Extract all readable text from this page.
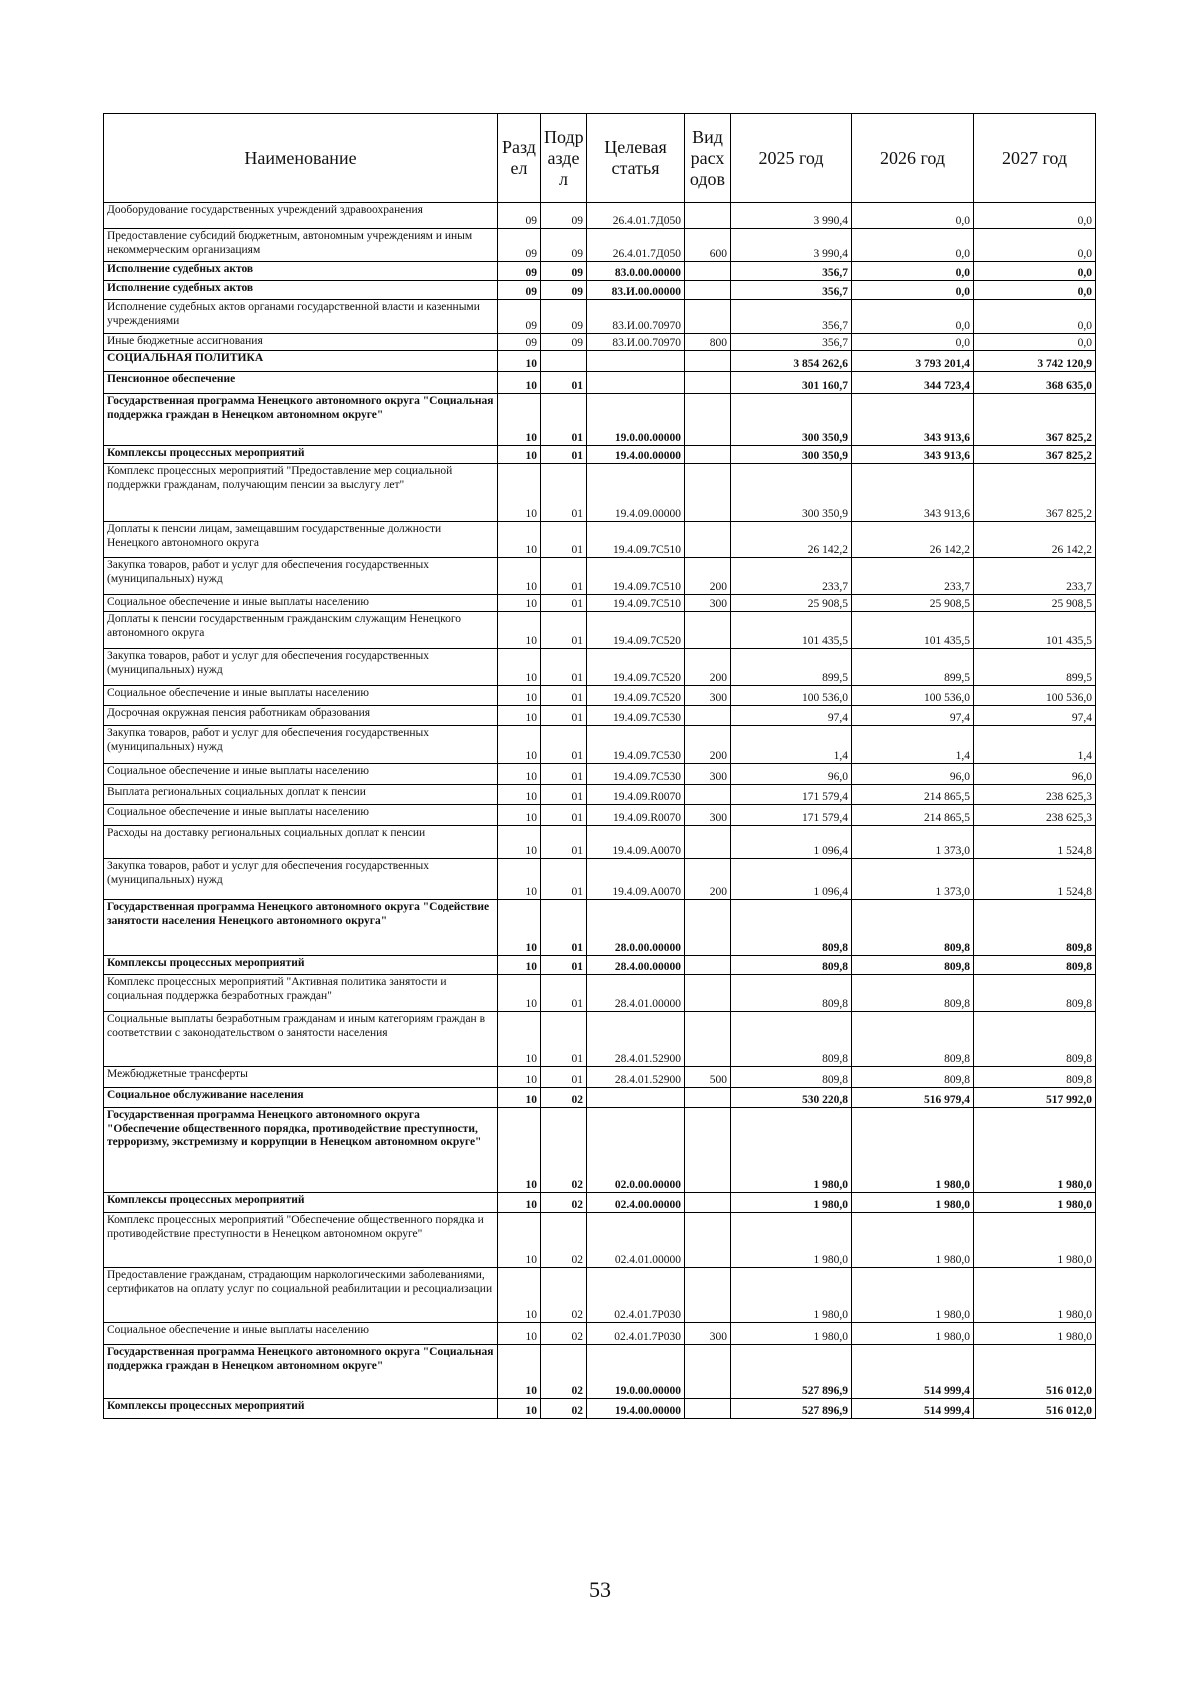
Наименование	Разд ел	Подр азде л	Целевая статья	Вид расх одов	2025 год	2026 год	2027 год
Дооборудование государственных учреждений здравоохранения	09	09	26.4.01.7Д050		3 990,4	0,0	0,0
Предоставление субсидий бюджетным, автономным учреждениям и иным некоммерческим организациям	09	09	26.4.01.7Д050	600	3 990,4	0,0	0,0
Исполнение судебных актов	09	09	83.0.00.00000		356,7	0,0	0,0
Исполнение судебных актов	09	09	83.И.00.00000		356,7	0,0	0,0
Исполнение судебных актов органами государственной власти и казенными учреждениями	09	09	83.И.00.70970		356,7	0,0	0,0
Иные бюджетные ассигнования	09	09	83.И.00.70970	800	356,7	0,0	0,0
СОЦИАЛЬНАЯ ПОЛИТИКА	10				3 854 262,6	3 793 201,4	3 742 120,9
Пенсионное обеспечение	10	01			301 160,7	344 723,4	368 635,0
Государственная программа Ненецкого автономного округа "Социальная поддержка граждан в Ненецком автономном округе"	10	01	19.0.00.00000		300 350,9	343 913,6	367 825,2
Комплексы процессных мероприятий	10	01	19.4.00.00000		300 350,9	343 913,6	367 825,2
Комплекс процессных мероприятий "Предоставление мер социальной поддержки гражданам, получающим пенсии за выслугу лет"	10	01	19.4.09.00000		300 350,9	343 913,6	367 825,2
Доплаты к пенсии лицам, замещавшим государственные должности Ненецкого автономного округа	10	01	19.4.09.7С510		26 142,2	26 142,2	26 142,2
Закупка товаров, работ и услуг для обеспечения государственных (муниципальных) нужд	10	01	19.4.09.7С510	200	233,7	233,7	233,7
Социальное обеспечение и иные выплаты населению	10	01	19.4.09.7С510	300	25 908,5	25 908,5	25 908,5
Доплаты к пенсии государственным гражданским служащим Ненецкого автономного округа	10	01	19.4.09.7С520		101 435,5	101 435,5	101 435,5
Закупка товаров, работ и услуг для обеспечения государственных (муниципальных) нужд	10	01	19.4.09.7С520	200	899,5	899,5	899,5
Социальное обеспечение и иные выплаты населению	10	01	19.4.09.7С520	300	100 536,0	100 536,0	100 536,0
Досрочная окружная пенсия работникам образования	10	01	19.4.09.7С530		97,4	97,4	97,4
Закупка товаров, работ и услуг для обеспечения государственных (муниципальных) нужд	10	01	19.4.09.7С530	200	1,4	1,4	1,4
Социальное обеспечение и иные выплаты населению	10	01	19.4.09.7С530	300	96,0	96,0	96,0
Выплата региональных социальных доплат к пенсии	10	01	19.4.09.R0070		171 579,4	214 865,5	238 625,3
Социальное обеспечение и иные выплаты населению	10	01	19.4.09.R0070	300	171 579,4	214 865,5	238 625,3
Расходы на доставку региональных социальных доплат к пенсии	10	01	19.4.09.А0070		1 096,4	1 373,0	1 524,8
Закупка товаров, работ и услуг для обеспечения государственных (муниципальных) нужд	10	01	19.4.09.А0070	200	1 096,4	1 373,0	1 524,8
Государственная программа Ненецкого автономного округа "Содействие занятости населения Ненецкого автономного округа"	10	01	28.0.00.00000		809,8	809,8	809,8
Комплексы процессных мероприятий	10	01	28.4.00.00000		809,8	809,8	809,8
Комплекс процессных мероприятий "Активная политика занятости и социальная поддержка безработных граждан"	10	01	28.4.01.00000		809,8	809,8	809,8
Социальные выплаты безработным гражданам и иным категориям граждан в соответствии с законодательством о занятости населения	10	01	28.4.01.52900		809,8	809,8	809,8
Межбюджетные трансферты	10	01	28.4.01.52900	500	809,8	809,8	809,8
Социальное обслуживание населения	10	02			530 220,8	516 979,4	517 992,0
Государственная программа Ненецкого автономного округа "Обеспечение общественного порядка, противодействие преступности, терроризму, экстремизму и коррупции в Ненецком автономном округе"	10	02	02.0.00.00000		1 980,0	1 980,0	1 980,0
Комплексы процессных мероприятий	10	02	02.4.00.00000		1 980,0	1 980,0	1 980,0
Комплекс процессных мероприятий "Обеспечение общественного порядка и противодействие преступности в Ненецком автономном округе"	10	02	02.4.01.00000		1 980,0	1 980,0	1 980,0
Предоставление гражданам, страдающим наркологическими заболеваниями, сертификатов на оплату услуг по социальной реабилитации и ресоциализации	10	02	02.4.01.7Р030		1 980,0	1 980,0	1 980,0
Социальное обеспечение и иные выплаты населению	10	02	02.4.01.7Р030	300	1 980,0	1 980,0	1 980,0
Государственная программа Ненецкого автономного округа "Социальная поддержка граждан в Ненецком автономном округе"	10	02	19.0.00.00000		527 896,9	514 999,4	516 012,0
Комплексы процессных мероприятий	10	02	19.4.00.00000		527 896,9	514 999,4	516 012,0
53
